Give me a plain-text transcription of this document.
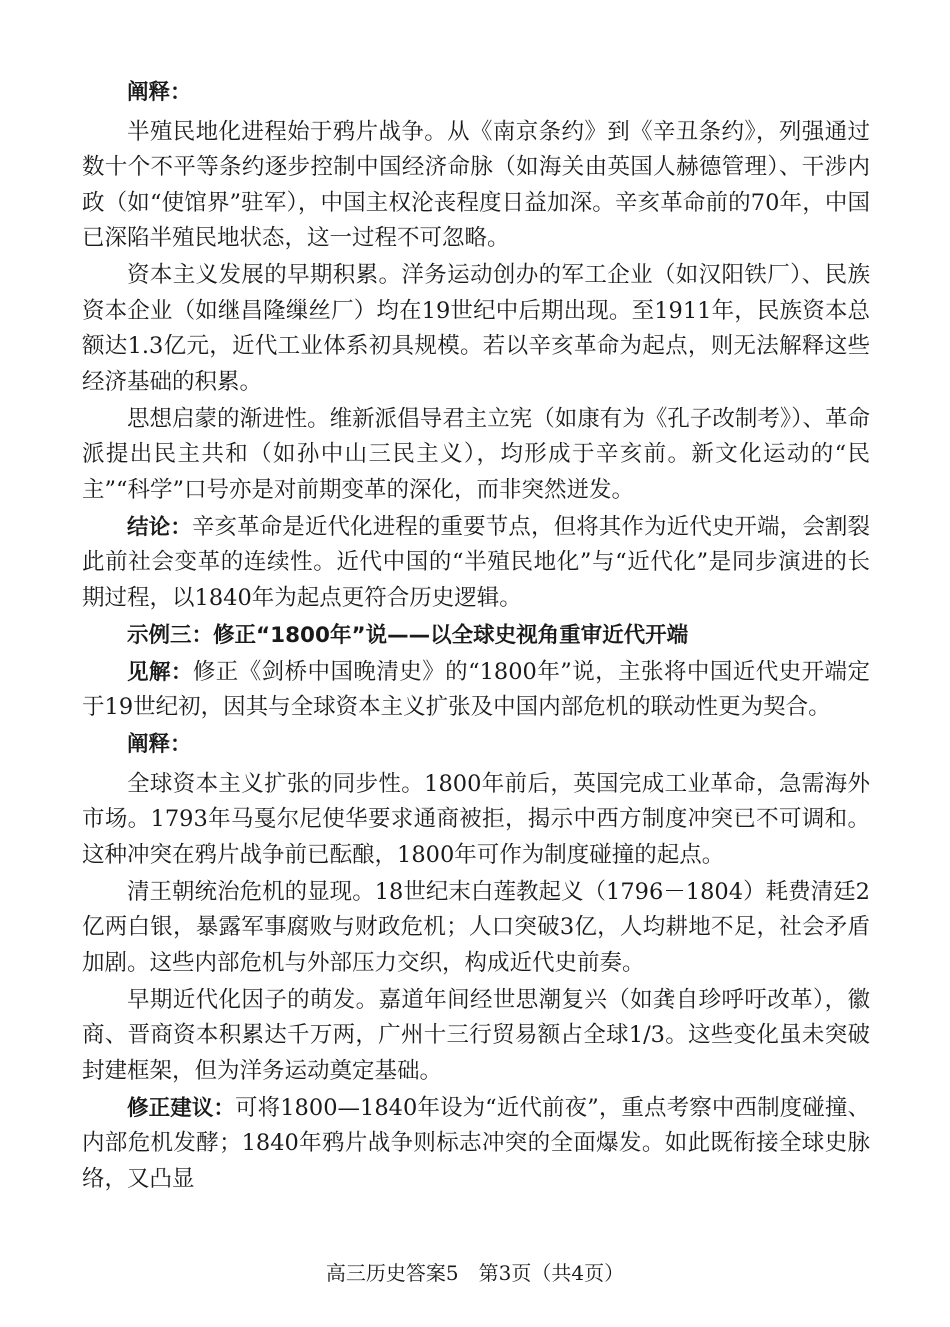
阐释：

半殖民地化进程始于鸦片战争。从《南京条约》到《辛丑条约》，列强通过数十个不平等条约逐步控制中国经济命脉（如海关由英国人赫德管理）、干涉内政（如“使馆界”驻军），中国主权沦丧程度日益加深。辛亥革命前的70年，中国已深陷半殖民地状态，这一过程不可忽略。

资本主义发展的早期积累。洋务运动创办的军工企业（如汉阳铁厂）、民族资本企业（如继昌隆缫丝厂）均在19世纪中后期出现。至1911年，民族资本总额达1.3亿元，近代工业体系初具规模。若以辛亥革命为起点，则无法解释这些经济基础的积累。

思想启蒙的渐进性。维新派倡导君主立宪（如康有为《孔子改制考》）、革命派提出民主共和（如孙中山三民主义），均形成于辛亥前。新文化运动的“民主”“科学”口号亦是对前期变革的深化，而非突然迸发。

结论：辛亥革命是近代化进程的重要节点，但将其作为近代史开端，会割裂此前社会变革的连续性。近代中国的“半殖民地化”与“近代化”是同步演进的长期过程，以1840年为起点更符合历史逻辑。

示例三：修正“1800年”说——以全球史视角重审近代开端

见解：修正《剑桥中国晚清史》的“1800年”说，主张将中国近代史开端定于19世纪初，因其与全球资本主义扩张及中国内部危机的联动性更为契合。

阐释：

全球资本主义扩张的同步性。1800年前后，英国完成工业革命，急需海外市场。1793年马戛尔尼使华要求通商被拒，揭示中西方制度冲突已不可调和。这种冲突在鸦片战争前已酝酿，1800年可作为制度碰撞的起点。

清王朝统治危机的显现。18世纪末白莲教起义（1796－1804）耗费清廷2亿两白银，暴露军事腐败与财政危机；人口突破3亿，人均耕地不足，社会矛盾加剧。这些内部危机与外部压力交织，构成近代史前奏。

早期近代化因子的萌发。嘉道年间经世思潮复兴（如龚自珍呼吁改革），徽商、晋商资本积累达千万两，广州十三行贸易额占全球1/3。这些变化虽未突破封建框架，但为洋务运动奠定基础。

修正建议：可将1800—1840年设为“近代前夜”，重点考察中西制度碰撞、内部危机发酵；1840年鸦片战争则标志冲突的全面爆发。如此既衔接全球史脉络，又凸显

高三历史答案5　第3页（共4页）
